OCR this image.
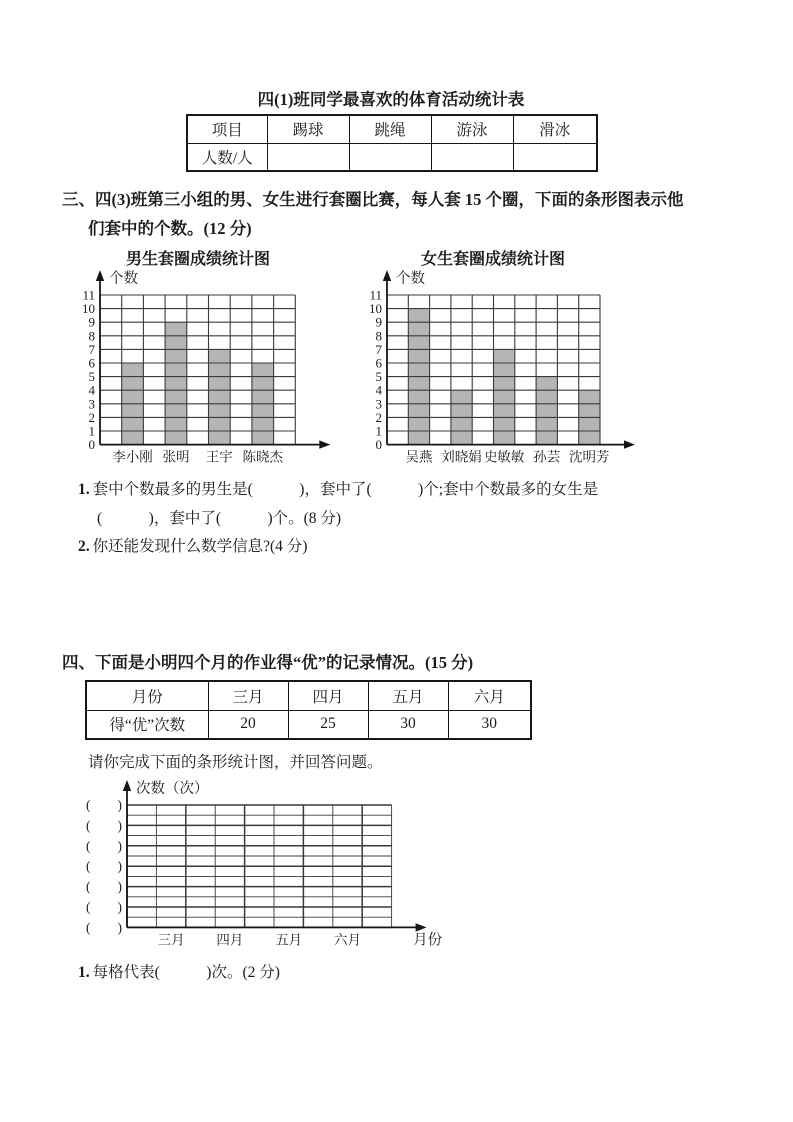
四(1)班同学最喜欢的体育活动统计表
项目	踢球	跳绳	游泳	滑冰
人数/人				
三、四(3)班第三小组的男、女生进行套圈比赛，每人套 15 个圈，下面的条形图表示他
们套中的个数。(12 分)
男生套圈成绩统计图	女生套圈成绩统计图
0
1
2
3
4
5
6
7
8
9
10
11
个数
李小刚 张明 王宇 陈晓杰
0
1
2
3
4
5
6
7
8
9
10
11
个数
吴燕 刘晓娟 史敏敏 孙芸 沈明芳
1. 套中个数最多的男生是(　　　)，套中了(　　　)个;套中个数最多的女生是
(　　　)，套中了(　　　)个。(8 分)
2. 你还能发现什么数学信息?(4 分)
四、下面是小明四个月的作业得“优”的记录情况。(15 分)
月份	三月	四月	五月	六月
得“优”次数	20	25	30	30
请你完成下面的条形统计图，并回答问题。
(　　)
(　　)
(　　)
(　　)
(　　)
(　　)
(　　)
次数（次）
三月 四月 五月 六月	月份
1. 每格代表(　　　)次。(2 分)
